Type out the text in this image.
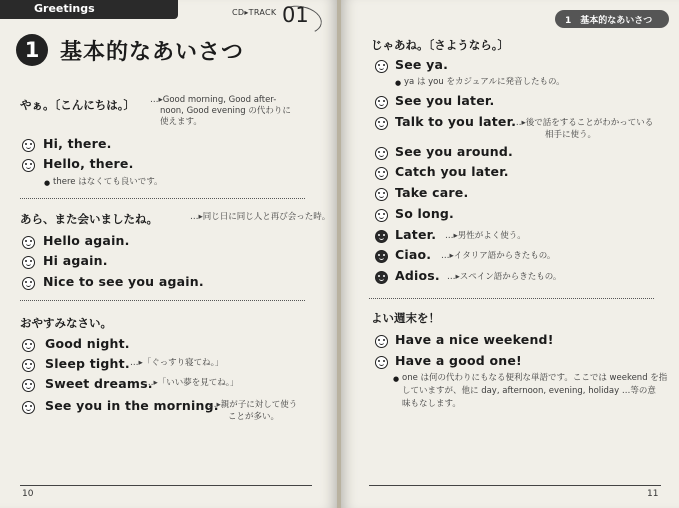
Greetings	CD▸TRACK 01
1 基本的なあいさつ
やぁ。〔こんにちは。〕 …▸Good morning, Good after-
noon, Good evening の代わりに
使えます。
Hi, there.
Hello, there.
● there はなくても良いです。
あら、また会いましたね。	…▸同じ日に同じ人と再び会った時。
Hello again.
Hi again.
Nice to see you again.
おやすみなさい。
Good night.
Sleep tight. …▸「ぐっすり寝てね。」
Sweet dreams.
…▸「いい夢を見てね。」
See you in the morning.
…▸親が子に対して使う
ことが多い。
10
1　基本的なあいさつ
じゃあね。〔さようなら。〕
See ya.
● ya は you をカジュアルに発音したもの。
See you later.
Talk to you later.
…▸後で話をすることがわかっている
相手に使う。
See you around.
Catch you later.
Take care.
So long.
Later. …▸男性がよく使う。
Ciao. …▸イタリア語からきたもの。
Adios. …▸スペイン語からきたもの。
よい週末を！
Have a nice weekend!
Have a good one!
● one は何の代わりにもなる便利な単語です。ここでは weekend を指
していますが、他に day, afternoon, evening, holiday …等の意
味もなします。
11
